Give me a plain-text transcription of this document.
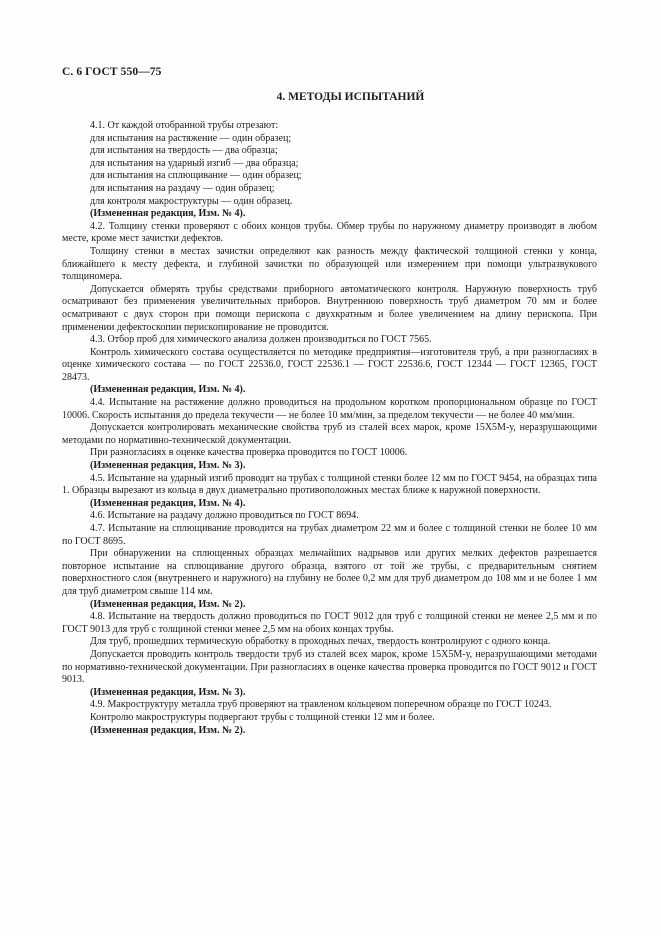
С. 6 ГОСТ 550—75
4. МЕТОДЫ ИСПЫТАНИЙ
4.1. От каждой отобранной трубы отрезают:
для испытания на растяжение — один образец;
для испытания на твердость — два образца;
для испытания на ударный изгиб — два образца;
для испытания на сплющивание — один образец;
для испытания на раздачу — один образец;
для контроля макроструктуры — один образец.
(Измененная редакция, Изм. № 4).
4.2. Толщину стенки проверяют с обоих концов трубы. Обмер трубы по наружному диаметру производят в любом месте, кроме мест зачистки дефектов.
Толщину стенки в местах зачистки определяют как разность между фактической толщиной стенки у конца, ближайшего к месту дефекта, и глубиной зачистки по образующей или измерением при помощи ультразвукового толщиномера.
Допускается обмерять трубы средствами приборного автоматического контроля. Наружную поверхность труб осматривают без применения увеличительных приборов. Внутреннюю поверхность труб диаметром 70 мм и более осматривают с двух сторон при помощи перископа с двухкратным и более увеличением на длину перископа. При применении дефектоскопии перископирование не проводится.
4.3. Отбор проб для химического анализа должен производиться по ГОСТ 7565.
Контроль химического состава осуществляется по методике предприятия—изготовителя труб, а при разногласиях в оценке химического состава — по ГОСТ 22536.0, ГОСТ 22536.1 — ГОСТ 22536.6, ГОСТ 12344 — ГОСТ 12365, ГОСТ 28473.
(Измененная редакция, Изм. № 4).
4.4. Испытание на растяжение должно проводиться на продольном коротком пропорциональном образце по ГОСТ 10006. Скорость испытания до предела текучести — не более 10 мм/мин, за пределом текучести — не более 40 мм/мин.
Допускается контролировать механические свойства труб из сталей всех марок, кроме 15Х5М-у, неразрушающими методами по нормативно-технической документации.
При разногласиях в оценке качества проверка проводится по ГОСТ 10006.
(Измененная редакция, Изм. № 3).
4.5. Испытание на ударный изгиб проводят на трубах с толщиной стенки более 12 мм по ГОСТ 9454, на образцах типа 1. Образцы вырезают из кольца в двух диаметрально противоположных местах ближе к наружной поверхности.
(Измененная редакция, Изм. № 4).
4.6. Испытание на раздачу должно проводиться по ГОСТ 8694.
4.7. Испытание на сплющивание проводится на трубах диаметром 22 мм и более с толщиной стенки не более 10 мм по ГОСТ 8695.
При обнаружении на сплющенных образцах мельчайших надрывов или других мелких дефектов разрешается повторное испытание на сплющивание другого образца, взятого от той же трубы, с предварительным снятием поверхностного слоя (внутреннего и наружного) на глубину не более 0,2 мм для труб диаметром до 108 мм и не более 1 мм для труб диаметром свыше 114 мм.
(Измененная редакция, Изм. № 2).
4.8. Испытание на твердость должно проводиться по ГОСТ 9012 для труб с толщиной стенки не менее 2,5 мм и по ГОСТ 9013 для труб с толщиной стенки менее 2,5 мм на обоих концах трубы.
Для труб, прошедших термическую обработку в проходных печах, твердость контролируют с одного конца.
Допускается проводить контроль твердости труб из сталей всех марок, кроме 15Х5М-у, неразрушающими методами по нормативно-технической документации. При разногласиях в оценке качества проверка проводится по ГОСТ 9012 и ГОСТ 9013.
(Измененная редакция, Изм. № 3).
4.9. Макроструктуру металла труб проверяют на травленом кольцевом поперечном образце по ГОСТ 10243.
Контролю макроструктуры подвергают трубы с толщиной стенки 12 мм и более.
(Измененная редакция, Изм. № 2).
